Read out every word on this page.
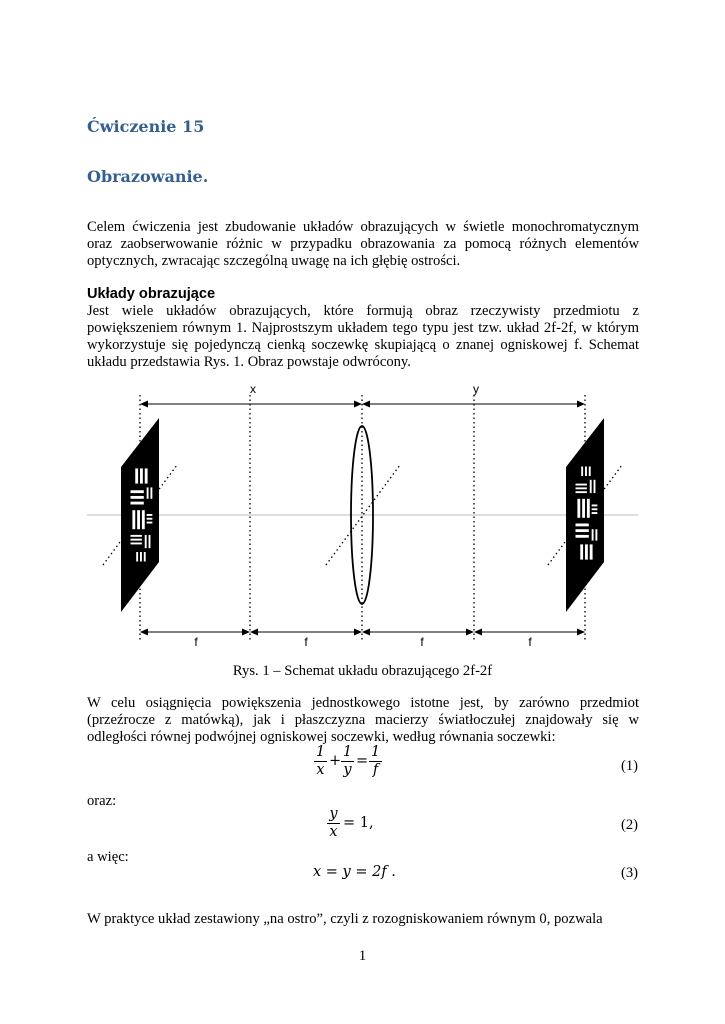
Ćwiczenie 15
Obrazowanie.

Celem ćwiczenia jest zbudowanie układów obrazujących w świetle monochromatycznym oraz zaobserwowanie różnic w przypadku obrazowania za pomocą różnych elementów optycznych, zwracając szczególną uwagę na ich głębię ostrości.

Układy obrazujące

Jest wiele układów obrazujących, które formują obraz rzeczywisty przedmiotu z powiększeniem równym 1. Najprostszym układem tego typu jest tzw. układ 2f-2f, w którym wykorzystuje się pojedynczą cienką soczewkę skupiającą o znanej ogniskowej f. Schemat układu przedstawia Rys. 1. Obraz powstaje odwrócony.

x	y
f	f	f	f
Rys. 1 – Schemat układu obrazującego 2f-2f

W celu osiągnięcia powiększenia jednostkowego istotne jest, by zarówno przedmiot (przeźrocze z matówką), jak i płaszczyzna macierzy światłoczułej znajdowały się w odległości równej podwójnej ogniskowej soczewki, według równania soczewki:

1
x
+
1
y
=
1
f	(1)
oraz:
y
x
= 1,	(2)
a więc:
x = y = 2f .	(3)

W praktyce układ zestawiony „na ostro”, czyli z rozogniskowaniem równym 0, pozwala

1
